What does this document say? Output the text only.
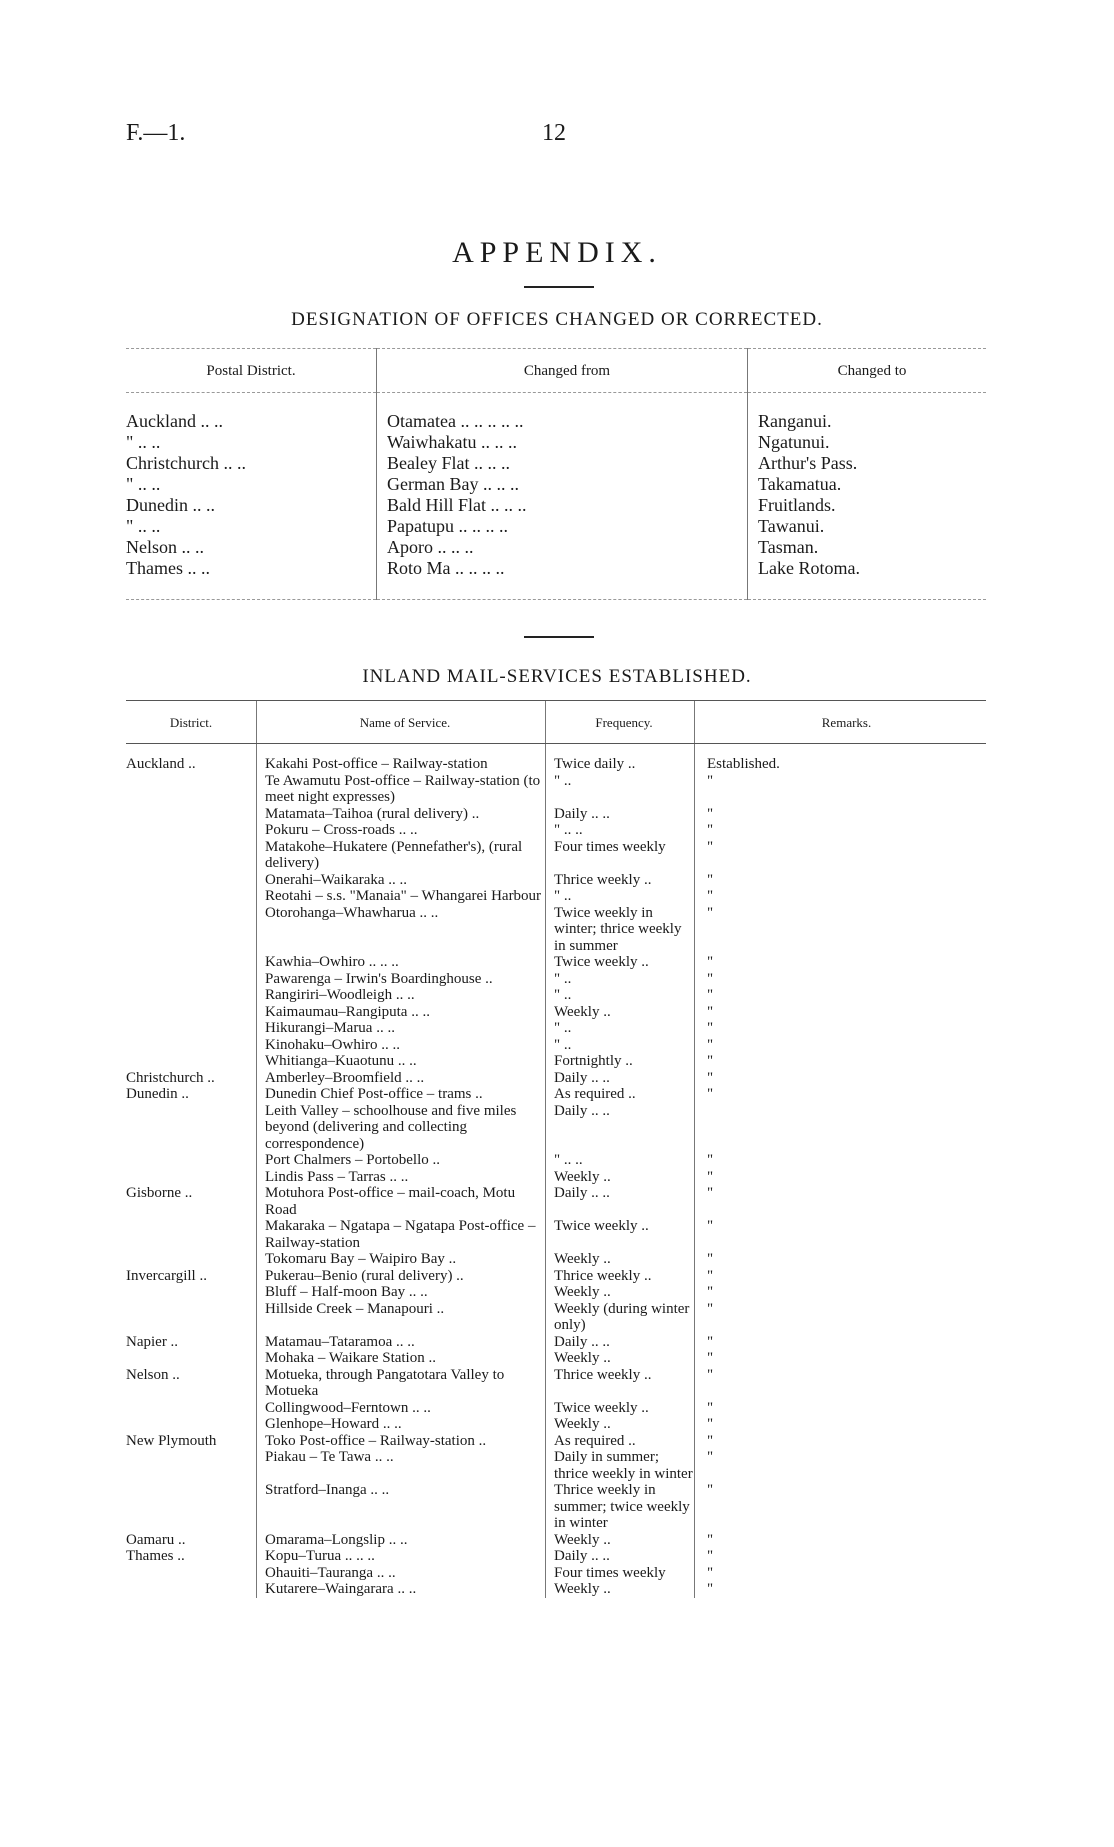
F.—1.	12
APPENDIX.
DESIGNATION OF OFFICES CHANGED OR CORRECTED.
Postal District.	Changed from	Changed to
Auckland .. ..	Otamatea .. .. .. .. ..	Ranganui.
" .. ..	Waiwhakatu .. .. ..	Ngatunui.
Christchurch .. ..	Bealey Flat .. .. ..	Arthur's Pass.
" .. ..	German Bay .. .. ..	Takamatua.
Dunedin .. ..	Bald Hill Flat .. .. ..	Fruitlands.
" .. ..	Papatupu .. .. .. ..	Tawanui.
Nelson .. ..	Aporo .. .. ..	Tasman.
Thames .. ..	Roto Ma .. .. .. ..	Lake Rotoma.
INLAND MAIL-SERVICES ESTABLISHED.
District.	Name of Service.	Frequency.	Remarks.
Auckland ..	Kakahi Post-office – Railway-station	Twice daily ..	Established.
	Te Awamutu Post-office – Railway-station (to meet night expresses)	" ..	"
	Matamata–Taihoa (rural delivery) ..	Daily .. ..	"
	Pokuru – Cross-roads .. ..	" .. ..	"
	Matakohe–Hukatere (Pennefather's), (rural delivery)	Four times weekly	"
	Onerahi–Waikaraka .. ..	Thrice weekly ..	"
	Reotahi – s.s. "Manaia" – Whangarei Harbour	" ..	"
	Otorohanga–Whawharua .. ..	Twice weekly in winter; thrice weekly in summer	"
	Kawhia–Owhiro .. .. ..	Twice weekly ..	"
	Pawarenga – Irwin's Boardinghouse ..	" ..	"
	Rangiriri–Woodleigh .. ..	" ..	"
	Kaimaumau–Rangiputa .. ..	Weekly ..	"
	Hikurangi–Marua .. ..	" ..	"
	Kinohaku–Owhiro .. ..	" ..	"
	Whitianga–Kuaotunu .. ..	Fortnightly ..	"
Christchurch ..	Amberley–Broomfield .. ..	Daily .. ..	"
Dunedin ..	Dunedin Chief Post-office – trams ..	As required ..	"
	Leith Valley – schoolhouse and five miles beyond (delivering and collecting correspondence)	Daily .. ..	
	Port Chalmers – Portobello ..	" .. ..	"
	Lindis Pass – Tarras .. ..	Weekly ..	"
Gisborne ..	Motuhora Post-office – mail-coach, Motu Road	Daily .. ..	"
	Makaraka – Ngatapa – Ngatapa Post-office – Railway-station	Twice weekly ..	"
	Tokomaru Bay – Waipiro Bay ..	Weekly ..	"
Invercargill ..	Pukerau–Benio (rural delivery) ..	Thrice weekly ..	"
	Bluff – Half-moon Bay .. ..	Weekly ..	"
	Hillside Creek – Manapouri ..	Weekly (during winter only)	"
Napier ..	Matamau–Tataramoa .. ..	Daily .. ..	"
	Mohaka – Waikare Station ..	Weekly ..	"
Nelson ..	Motueka, through Pangatotara Valley to Motueka	Thrice weekly ..	"
	Collingwood–Ferntown .. ..	Twice weekly ..	"
	Glenhope–Howard .. ..	Weekly ..	"
New Plymouth	Toko Post-office – Railway-station ..	As required ..	"
	Piakau – Te Tawa .. ..	Daily in summer; thrice weekly in winter	"
	Stratford–Inanga .. ..	Thrice weekly in summer; twice weekly in winter	"
Oamaru ..	Omarama–Longslip .. ..	Weekly ..	"
Thames ..	Kopu–Turua .. .. ..	Daily .. ..	"
	Ohauiti–Tauranga .. ..	Four times weekly	"
	Kutarere–Waingarara .. ..	Weekly ..	"
